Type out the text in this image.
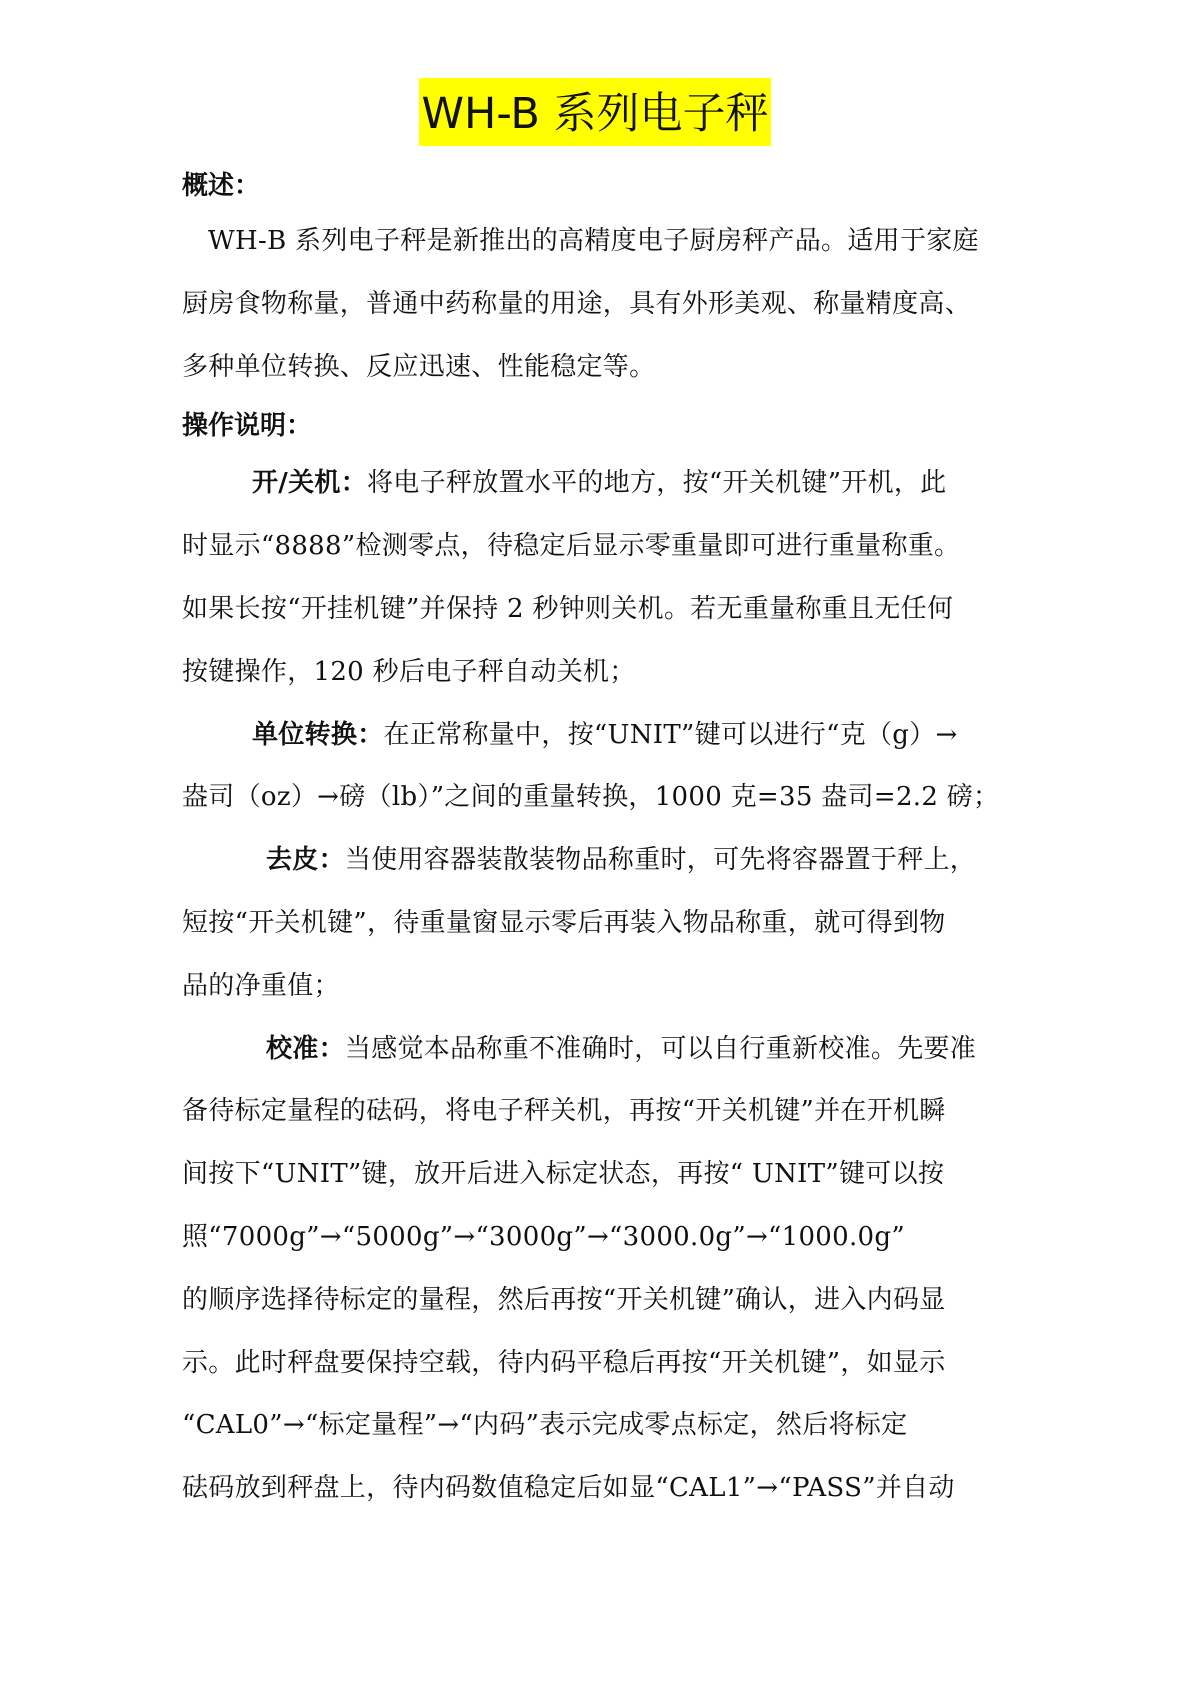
WH-B 系列电子秤

概述：

WH-B 系列电子秤是新推出的高精度电子厨房秤产品。适用于家庭
厨房食物称量，普通中药称量的用途，具有外形美观、称量精度高、
多种单位转换、反应迅速、性能稳定等。

操作说明：

开/关机：将电子秤放置水平的地方，按“开关机键”开机，此
时显示“8888”检测零点，待稳定后显示零重量即可进行重量称重。
如果长按“开挂机键”并保持 2 秒钟则关机。若无重量称重且无任何
按键操作，120 秒后电子秤自动关机；

单位转换：在正常称量中，按“UNIT”键可以进行“克（g）→
盎司（oz）→磅（lb）”之间的重量转换，1000 克=35 盎司=2.2 磅；

去皮：当使用容器装散装物品称重时，可先将容器置于秤上，
短按“开关机键”，待重量窗显示零后再装入物品称重，就可得到物
品的净重值；

校准：当感觉本品称重不准确时，可以自行重新校准。先要准
备待标定量程的砝码，将电子秤关机，再按“开关机键”并在开机瞬
间按下“UNIT”键，放开后进入标定状态，再按“ UNIT”键可以按
照“7000g”→“5000g”→“3000g”→“3000.0g”→“1000.0g”
的顺序选择待标定的量程，然后再按“开关机键”确认，进入内码显
示。此时秤盘要保持空载，待内码平稳后再按“开关机键”，如显示
“CAL0”→“标定量程”→“内码”表示完成零点标定，然后将标定
砝码放到秤盘上，待内码数值稳定后如显“CAL1”→“PASS”并自动
